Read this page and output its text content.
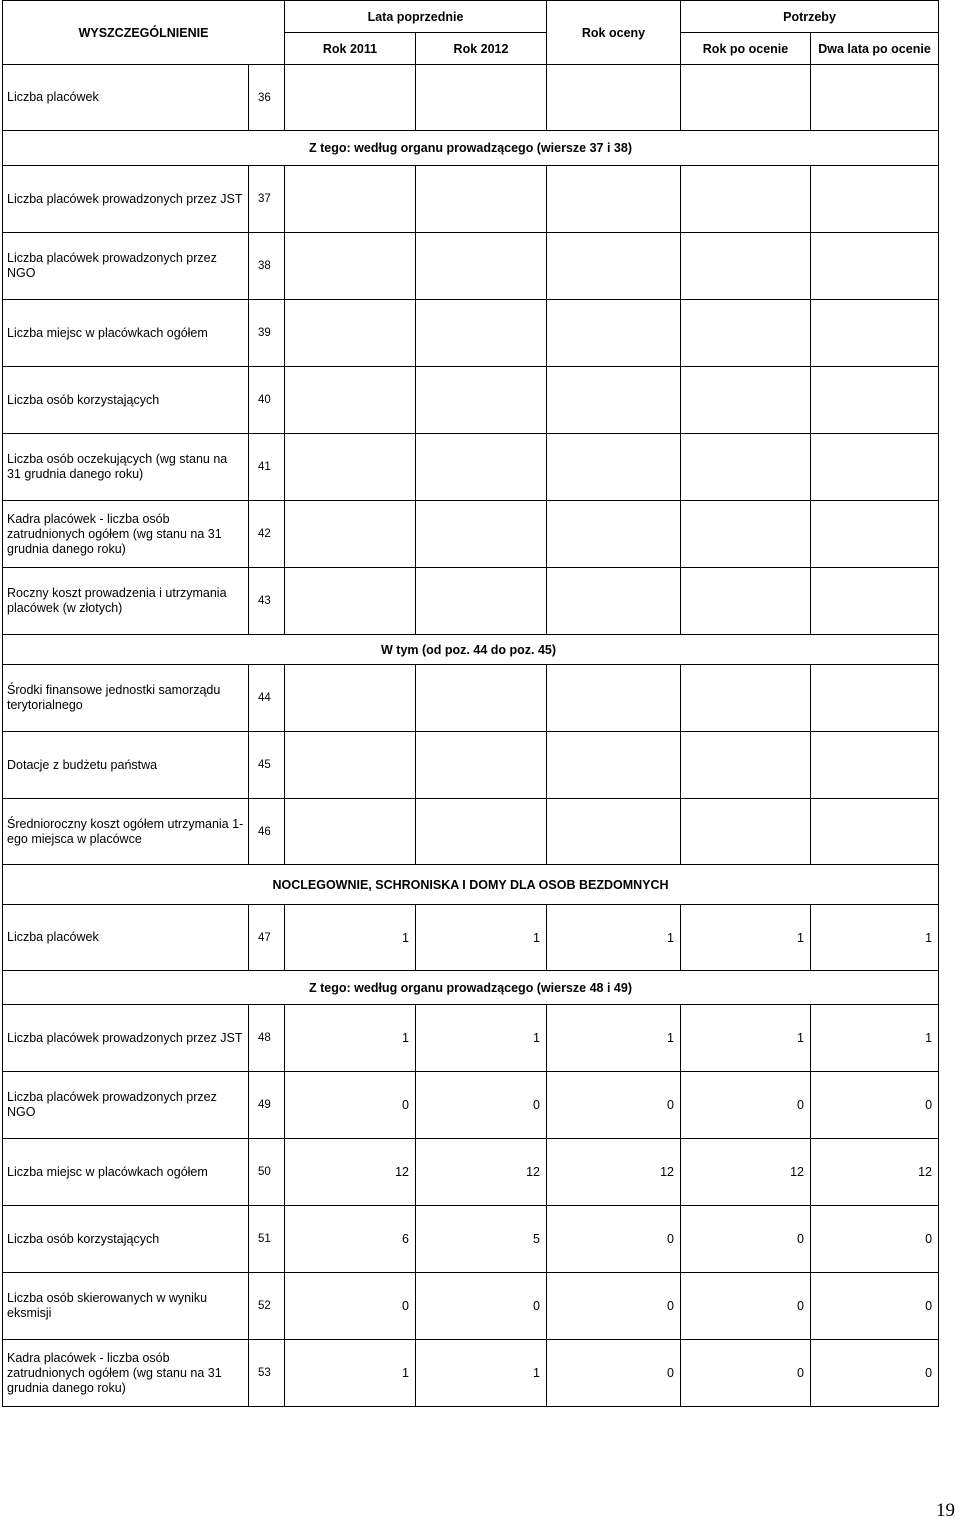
WYSZCZEGÓLNIENIE		Lata poprzednie		Rok oceny	Potrzeby	
		Rok 2011	Rok 2012		Rok po ocenie	Dwa lata po ocenie
Liczba placówek	36					
Z tego: według organu prowadzącego (wiersze 37 i 38)						
Liczba placówek prowadzonych przez JST	37					
Liczba placówek prowadzonych przez NGO	38					
Liczba miejsc w placówkach ogółem	39					
Liczba osób korzystających	40					
Liczba osób oczekujących (wg stanu na 31 grudnia danego roku)	41					
Kadra placówek - liczba osób zatrudnionych ogółem (wg stanu na 31 grudnia danego roku)	42					
Roczny koszt prowadzenia i utrzymania placówek (w złotych)	43					
W tym (od poz. 44 do poz. 45)						
Środki finansowe jednostki samorządu terytorialnego	44					
Dotacje z budżetu państwa	45					
Średnioroczny koszt ogółem utrzymania 1-ego miejsca w placówce	46					
NOCLEGOWNIE, SCHRONISKA I DOMY DLA OSOB BEZDOMNYCH						
Liczba placówek	47	1	1	1	1	1
Z tego: według organu prowadzącego (wiersze 48 i 49)						
Liczba placówek prowadzonych przez JST	48	1	1	1	1	1
Liczba placówek prowadzonych przez NGO	49	0	0	0	0	0
Liczba miejsc w placówkach ogółem	50	12	12	12	12	12
Liczba osób korzystających	51	6	5	0	0	0
Liczba osób skierowanych w wyniku eksmisji	52	0	0	0	0	0
Kadra placówek - liczba osób zatrudnionych ogółem (wg stanu na 31 grudnia danego roku)	53	1	1	0	0	0
19
